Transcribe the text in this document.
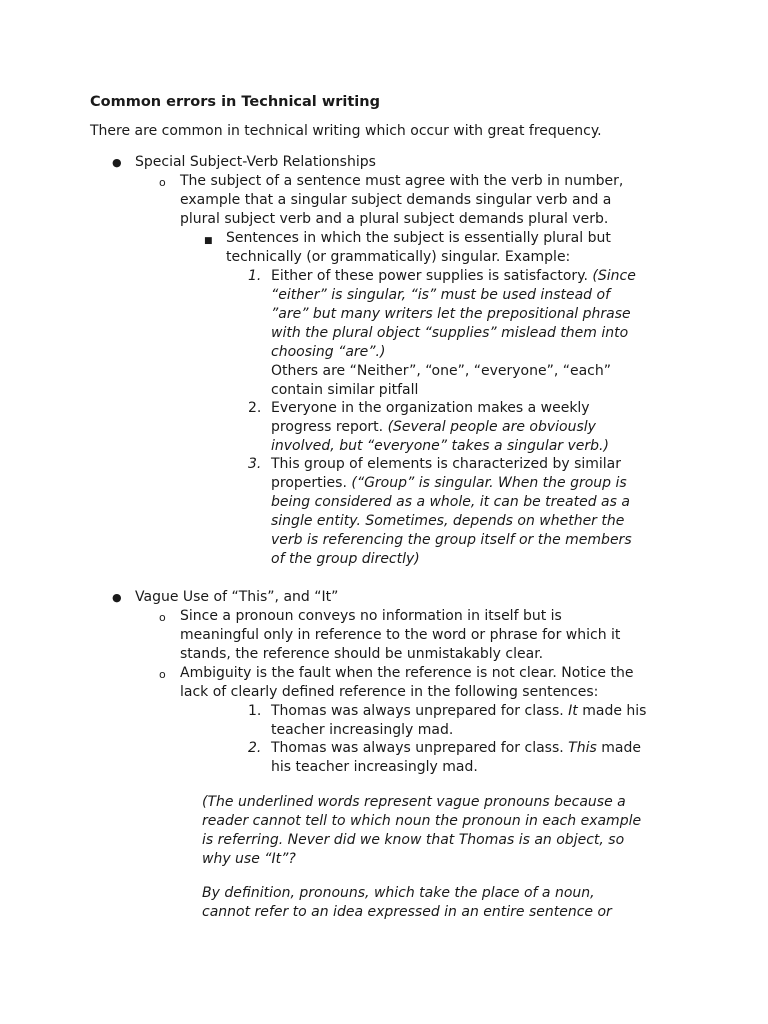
Common errors in Technical writing
There are common in technical writing which occur with great frequency.
● Special Subject-Verb Relationships
o The subject of a sentence must agree with the verb in number,
example that a singular subject demands singular verb and a
plural subject verb and a plural subject demands plural verb.
■ Sentences in which the subject is essentially plural but
technically (or grammatically) singular. Example:
1. Either of these power supplies is satisfactory. (Since
“either” is singular, “is” must be used instead of
”are” but many writers let the prepositional phrase
with the plural object “supplies” mislead them into
choosing “are”.)
Others are “Neither”, “one”, “everyone”, “each”
contain similar pitfall
2. Everyone in the organization makes a weekly
progress report. (Several people are obviously
involved, but “everyone” takes a singular verb.)
3. This group of elements is characterized by similar
properties. (“Group” is singular. When the group is
being considered as a whole, it can be treated as a
single entity. Sometimes, depends on whether the
verb is referencing the group itself or the members
of the group directly)
● Vague Use of “This”, and “It”
o Since a pronoun conveys no information in itself but is
meaningful only in reference to the word or phrase for which it
stands, the reference should be unmistakably clear.
o Ambiguity is the fault when the reference is not clear. Notice the
lack of clearly defined reference in the following sentences:
1. Thomas was always unprepared for class. It made his
teacher increasingly mad.
2. Thomas was always unprepared for class. This made
his teacher increasingly mad.
(The underlined words represent vague pronouns because a
reader cannot tell to which noun the pronoun in each example
is referring. Never did we know that Thomas is an object, so
why use “It”?
By definition, pronouns, which take the place of a noun,
cannot refer to an idea expressed in an entire sentence or
